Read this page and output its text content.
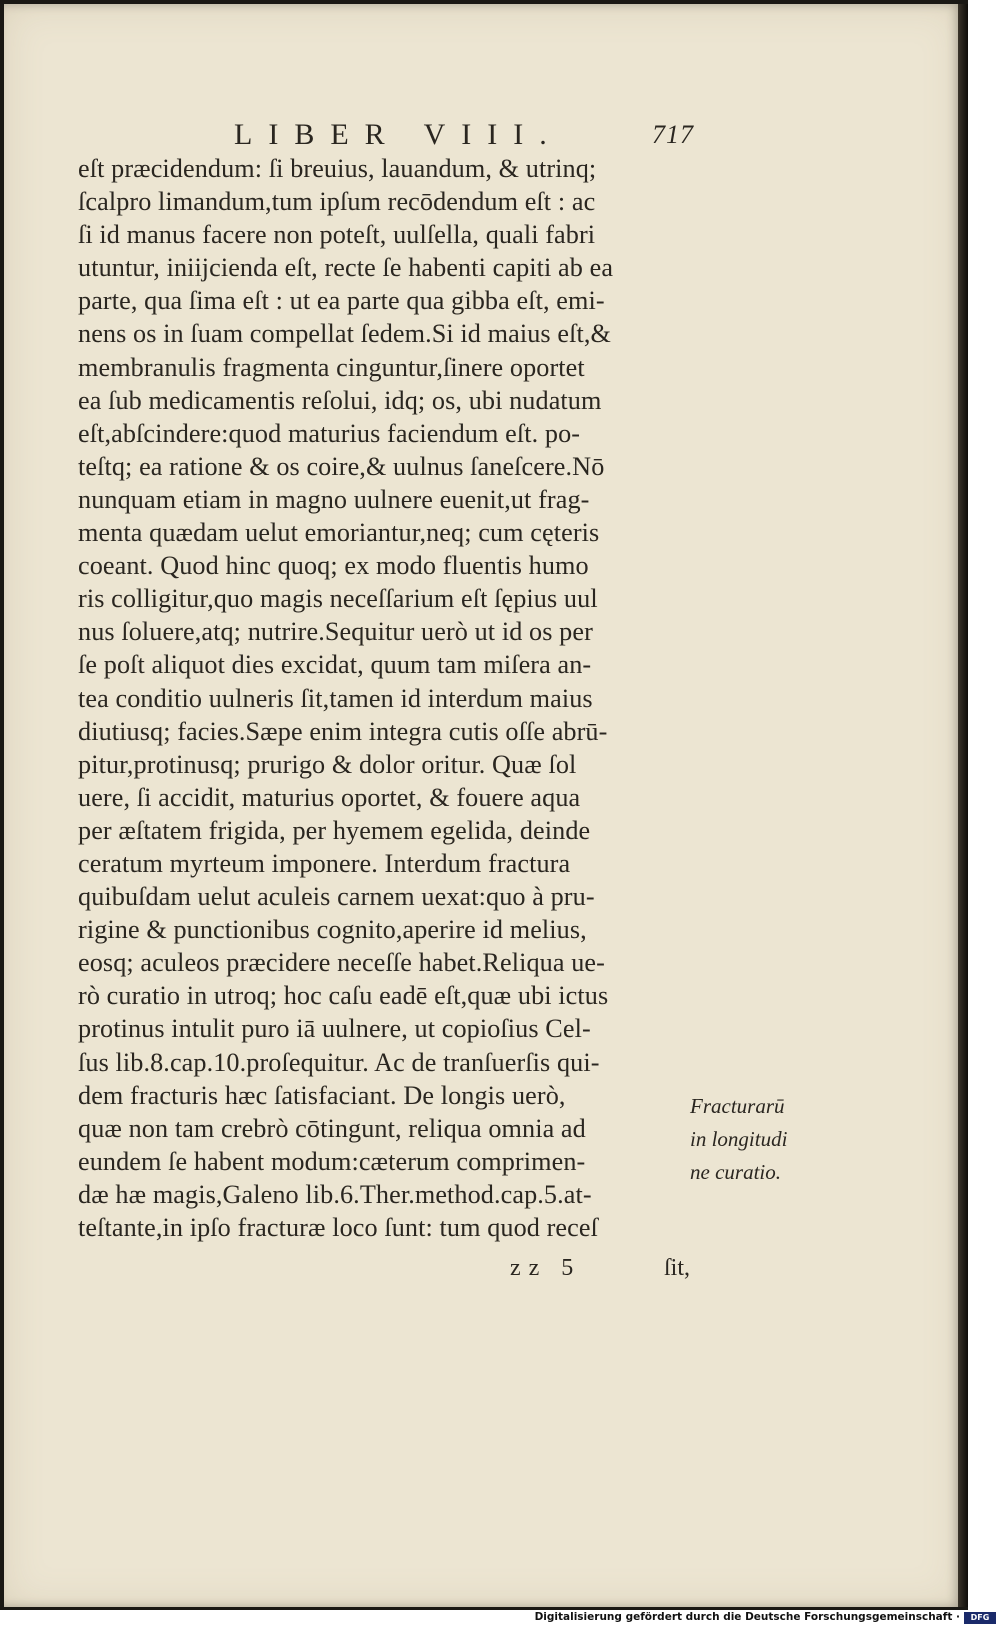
LIBER VIII.	717
eſt præcidendum: ſi breuius, lauandum, & utrinq;
ſcalpro limandum,tum ipſum recōdendum eſt : ac
ſi id manus facere non poteſt, uulſella, quali fabri
utuntur, iniĳcienda eſt, recte ſe habenti capiti ab ea
parte, qua ſima eſt : ut ea parte qua gibba eſt, emi-
nens os in ſuam compellat ſedem.Si id maius eſt,&
membranulis fragmenta cinguntur,ſinere oportet
ea ſub medicamentis reſolui, idq; os, ubi nudatum
eſt,abſcindere:quod maturius faciendum eſt. po-
teſtq; ea ratione & os coire,& uulnus ſaneſcere.Nō
nunquam etiam in magno uulnere euenit,ut frag-
menta quædam uelut emoriantur,neq; cum cęteris
coeant. Quod hinc quoq; ex modo fluentis humo
ris colligitur,quo magis neceſſarium eſt ſępius uul
nus ſoluere,atq; nutrire.Sequitur uerò ut id os per
ſe poſt aliquot dies excidat, quum tam miſera an-
tea conditio uulneris ſit,tamen id interdum maius
diutiusq; facies.Sæpe enim integra cutis oſſe abrū-
pitur,protinusq; prurigo & dolor oritur. Quæ ſol
uere, ſi accidit, maturius oportet, & fouere aqua
per æſtatem frigida, per hyemem egelida, deinde
ceratum myrteum imponere. Interdum fractura
quibuſdam uelut aculeis carnem uexat:quo à pru-
rigine & punctionibus cognito,aperire id melius,
eosq; aculeos præcidere neceſſe habet.Reliqua ue-
rò curatio in utroq; hoc caſu eadē eſt,quæ ubi ictus
protinus intulit puro iā uulnere, ut copioſius Cel-
ſus lib.8.cap.10.proſequitur. Ac de tranſuerſis qui-
dem fracturis hæc ſatisfaciant. De longis uerò,
quæ non tam crebrò cōtingunt, reliqua omnia ad
eundem ſe habent modum:cæterum comprimen-
dæ hæ magis,Galeno lib.6.Ther.method.cap.5.at-
teſtante,in ipſo fracturæ loco ſunt: tum quod receſ
Fracturarū
in longitudi
ne curatio.
zz 5	ſit,
Digitalisierung gefördert durch die Deutsche Forschungsgemeinschaft ·	DFG
